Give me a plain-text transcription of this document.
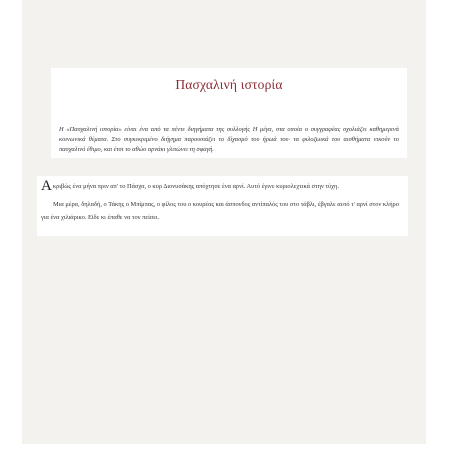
Πασχαλινή ιστορία

Η «Πασχαλινή ιστορία» είναι ένα από τα πέντε διηγήματα της συλλογής Η μέγα, στα οποία ο συγγραφέας σχολιάζει καθημερινά κοινωνικά θέματα. Στο συγκεκριμένο διήγημα παρουσιάζει το δίχασμό του ήρωά του· τα φιλοζωικά του αισθήματα νικούν το πασχαλινό έθιμο, και έτσι το αθώο αρνάκι γλιτώνει τη σφαγή.

Ακριβώς ένα μήνα πριν απ' το Πάσχα, ο κυρ Διονυσάκης απόχτησε ένα αρνί. Αυτό έγινε κυριολεχτικά στην τύχη.

Μια μέρα, δηλαδή, ο Τάκης ο Μπίμπας, ο φίλος του ο κουρέας και άσπονδος αντίπαλός του στο τάβλι, έβγαλε αυτό τ' αρνί στον κλήρο για ένα χιλιάρικο. Είδε κι έπαθε να τον πείσει.
